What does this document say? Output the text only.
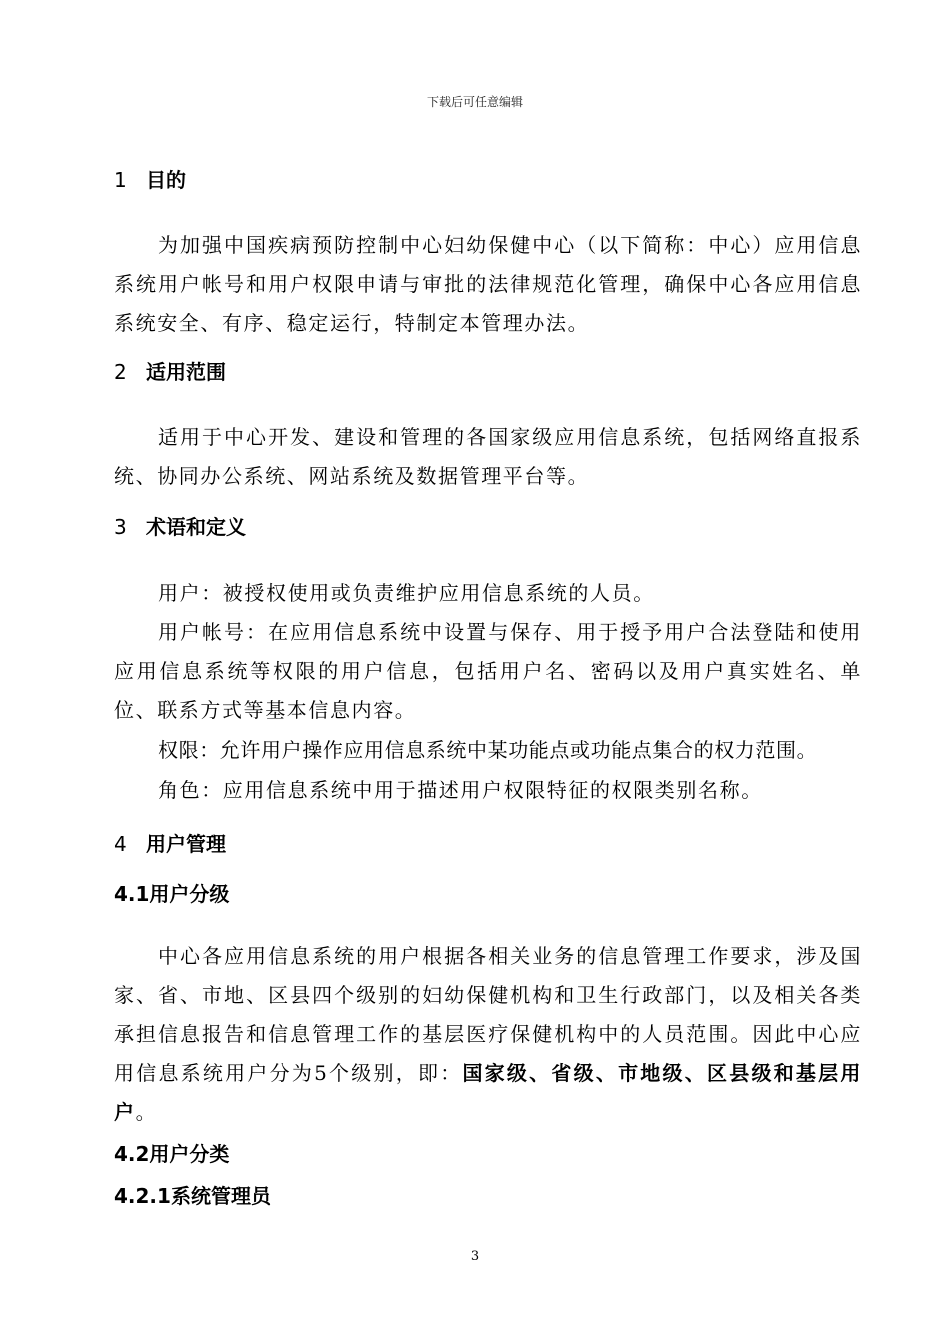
下载后可任意编辑
1 目的

为加强中国疾病预防控制中心妇幼保健中心（以下简称：中心）应用信息系统用户帐号和用户权限申请与审批的法律规范化管理，确保中心各应用信息系统安全、有序、稳定运行，特制定本管理办法。

2 适用范围

适用于中心开发、建设和管理的各国家级应用信息系统，包括网络直报系统、协同办公系统、网站系统及数据管理平台等。

3 术语和定义

用户：被授权使用或负责维护应用信息系统的人员。

用户帐号：在应用信息系统中设置与保存、用于授予用户合法登陆和使用应用信息系统等权限的用户信息，包括用户名、密码以及用户真实姓名、单位、联系方式等基本信息内容。

权限：允许用户操作应用信息系统中某功能点或功能点集合的权力范围。

角色：应用信息系统中用于描述用户权限特征的权限类别名称。

4 用户管理
4.1用户分级

中心各应用信息系统的用户根据各相关业务的信息管理工作要求，涉及国家、省、市地、区县四个级别的妇幼保健机构和卫生行政部门，以及相关各类承担信息报告和信息管理工作的基层医疗保健机构中的人员范围。因此中心应用信息系统用户分为5个级别，即：国家级、省级、市地级、区县级和基层用户。

4.2用户分类
4.2.1系统管理员
3
